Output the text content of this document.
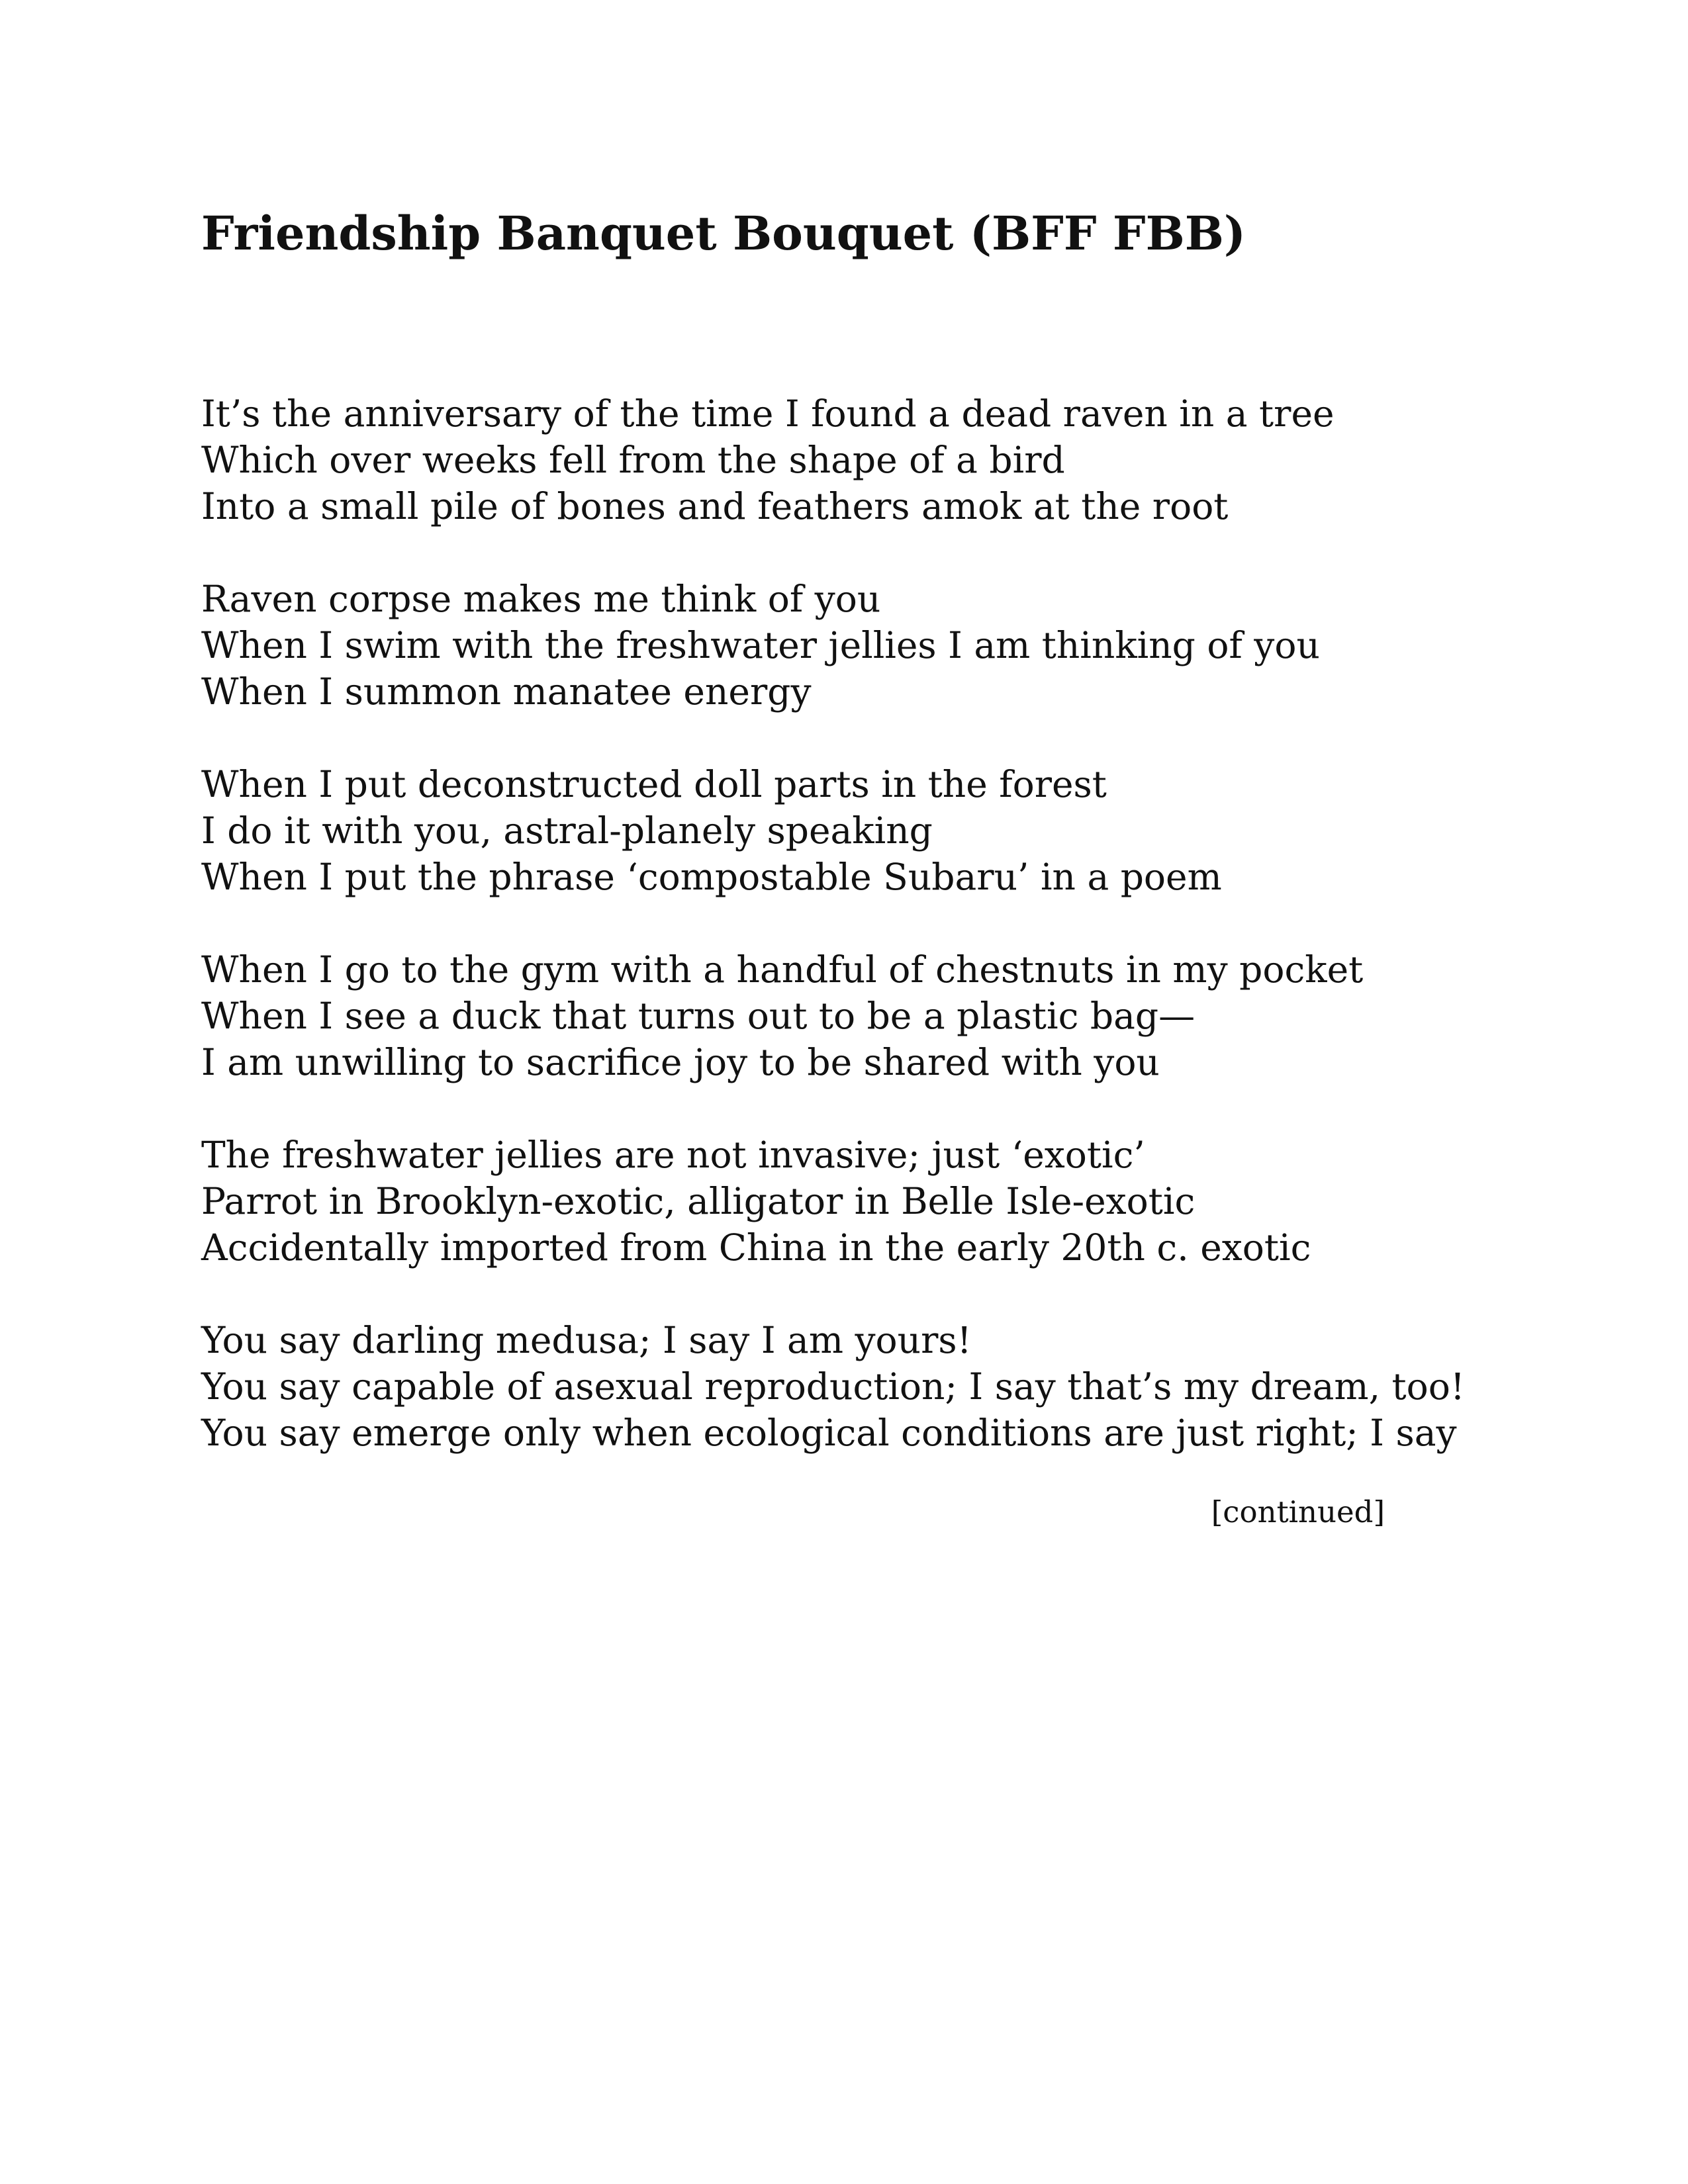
Friendship Banquet Bouquet (BFF FBB)
It’s the anniversary of the time I found a dead raven in a tree
Which over weeks fell from the shape of a bird
Into a small pile of bones and feathers amok at the root
Raven corpse makes me think of you
When I swim with the freshwater jellies I am thinking of you
When I summon manatee energy
When I put deconstructed doll parts in the forest
I do it with you, astral-planely speaking
When I put the phrase ‘compostable Subaru’ in a poem
When I go to the gym with a handful of chestnuts in my pocket
When I see a duck that turns out to be a plastic bag—
I am unwilling to sacrifice joy to be shared with you
The freshwater jellies are not invasive; just ‘exotic’
Parrot in Brooklyn-exotic, alligator in Belle Isle-exotic
Accidentally imported from China in the early 20th c. exotic
You say darling medusa; I say I am yours!
You say capable of asexual reproduction; I say that’s my dream, too!
You say emerge only when ecological conditions are just right; I say
[continued]
